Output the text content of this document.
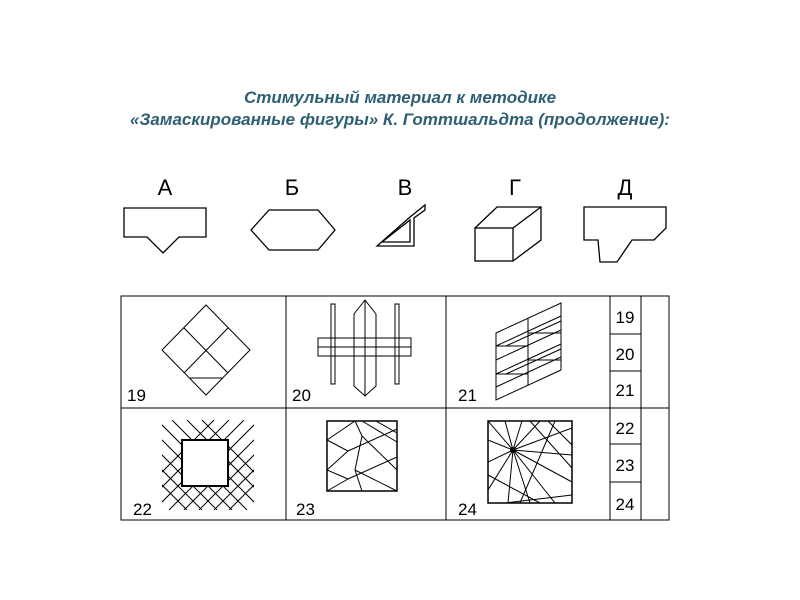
Стимульный материал к методике
«Замаскированные фигуры» К. Готтшальдта (продолжение):
А	Б	В	Г	Д
19	20	21
22	23	24
19
20
21
22
23
24
